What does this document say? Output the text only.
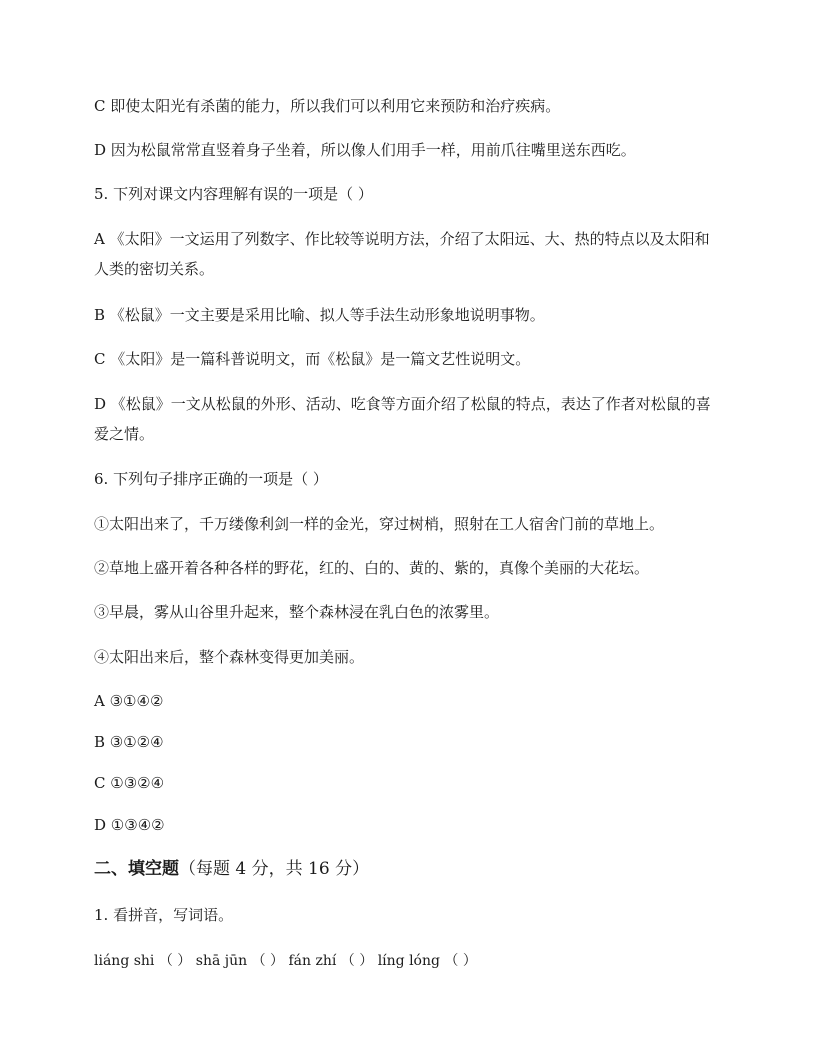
C 即使太阳光有杀菌的能力，所以我们可以利用它来预防和治疗疾病。
D 因为松鼠常常直竖着身子坐着，所以像人们用手一样，用前爪往嘴里送东西吃。
5. 下列对课文内容理解有误的一项是（ ）
A 《太阳》一文运用了列数字、作比较等说明方法，介绍了太阳远、大、热的特点以及太阳和人类的密切关系。
B 《松鼠》一文主要是采用比喻、拟人等手法生动形象地说明事物。
C 《太阳》是一篇科普说明文，而《松鼠》是一篇文艺性说明文。
D 《松鼠》一文从松鼠的外形、活动、吃食等方面介绍了松鼠的特点，表达了作者对松鼠的喜爱之情。
6. 下列句子排序正确的一项是（ ）
①太阳出来了，千万缕像利剑一样的金光，穿过树梢，照射在工人宿舍门前的草地上。
②草地上盛开着各种各样的野花，红的、白的、黄的、紫的，真像个美丽的大花坛。
③早晨，雾从山谷里升起来，整个森林浸在乳白色的浓雾里。
④太阳出来后，整个森林变得更加美丽。
A ③①④②
B ③①②④
C ①③②④
D ①③④②
二、填空题（每题 4 分，共 16 分）
1. 看拼音，写词语。
liáng shi （ ） shā jūn （ ） fán zhí （ ） líng lóng （ ）
